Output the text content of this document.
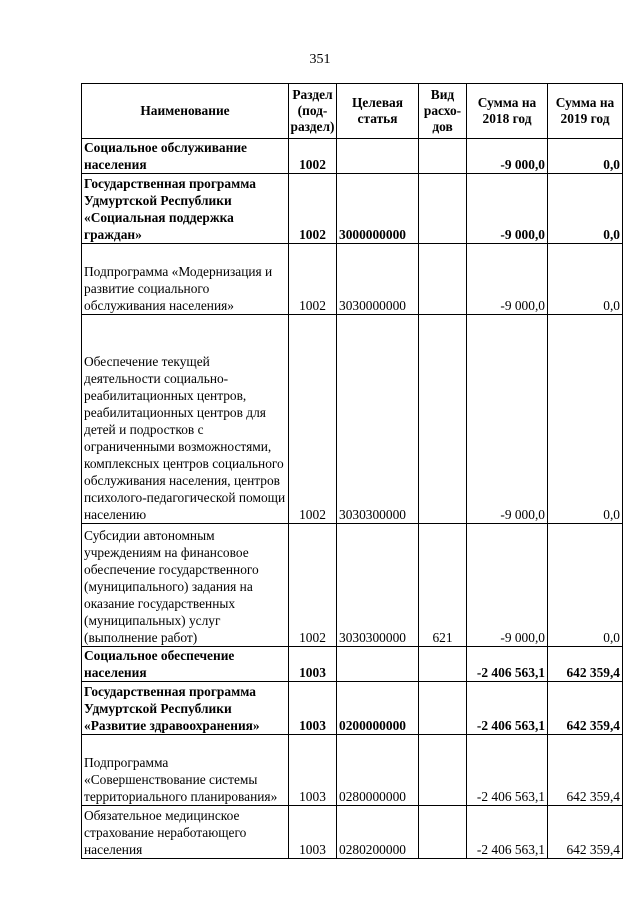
351
Наименование	Раздел (под-раздел)	Целевая статья	Вид расхо-дов	Сумма на 2018 год	Сумма на 2019 год
Социальное обслуживание населения	1002			-9 000,0	0,0
Государственная программа Удмуртской Республики «Социальная поддержка граждан»	1002	3000000000		-9 000,0	0,0
Подпрограмма «Модернизация и развитие социального обслуживания населения»	1002	3030000000		-9 000,0	0,0
Обеспечение текущей деятельности социально-реабилитационных центров, реабилитационных центров для детей и подростков с ограниченными возможностями, комплексных центров социального обслуживания населения, центров психолого-педагогической помощи населению	1002	3030300000		-9 000,0	0,0
Субсидии автономным учреждениям на финансовое обеспечение государственного (муниципального) задания на оказание государственных (муниципальных) услуг (выполнение работ)	1002	3030300000	621	-9 000,0	0,0
Социальное обеспечение населения	1003			-2 406 563,1	642 359,4
Государственная программа Удмуртской Республики «Развитие здравоохранения»	1003	0200000000		-2 406 563,1	642 359,4
Подпрограмма «Совершенствование системы территориального планирования»	1003	0280000000		-2 406 563,1	642 359,4
Обязательное медицинское страхование неработающего населения	1003	0280200000		-2 406 563,1	642 359,4
